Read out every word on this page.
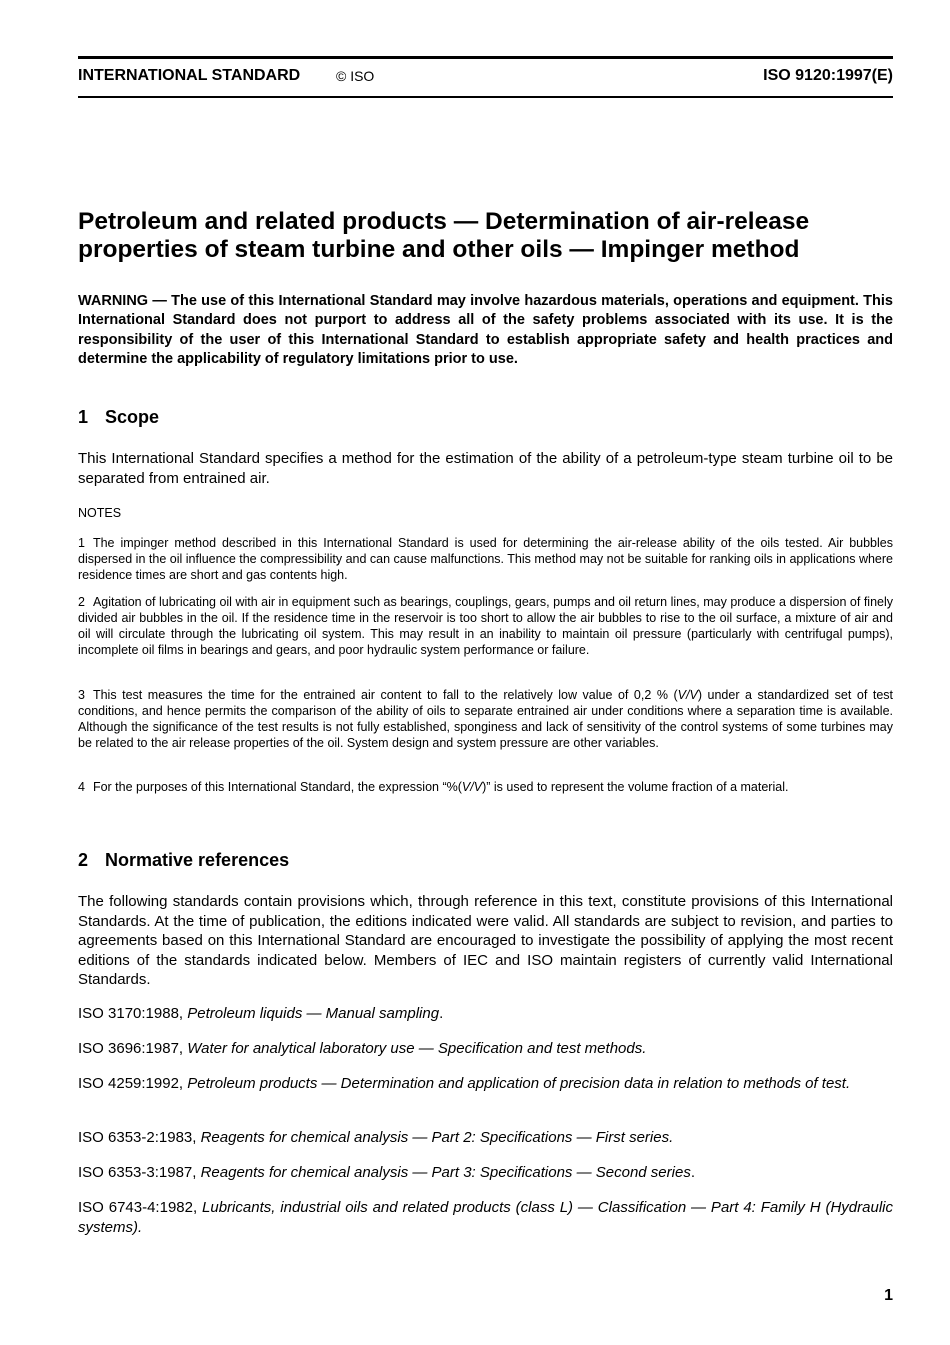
INTERNATIONAL STANDARD	© ISO	ISO 9120:1997(E)
Petroleum and related products — Determination of air-release
properties of steam turbine and other oils — Impinger method

WARNING — The use of this International Standard may involve hazardous materials, operations and equipment. This International Standard does not purport to address all of the safety problems associated with its use. It is the responsibility of the user of this International Standard to establish appropriate safety and health practices and determine the applicability of regulatory limitations prior to use.

1 Scope

This International Standard specifies a method for the estimation of the ability of a petroleum-type steam turbine oil to be separated from entrained air.

NOTES

1 The impinger method described in this International Standard is used for determining the air-release ability of the oils tested. Air bubbles dispersed in the oil influence the compressibility and can cause malfunctions. This method may not be suitable for ranking oils in applications where residence times are short and gas contents high.

2 Agitation of lubricating oil with air in equipment such as bearings, couplings, gears, pumps and oil return lines, may produce a dispersion of finely divided air bubbles in the oil. If the residence time in the reservoir is too short to allow the air bubbles to rise to the oil surface, a mixture of air and oil will circulate through the lubricating oil system. This may result in an inability to maintain oil pressure (particularly with centrifugal pumps), incomplete oil films in bearings and gears, and poor hydraulic system performance or failure.

3 This test measures the time for the entrained air content to fall to the relatively low value of 0,2 % (V/V) under a standardized set of test conditions, and hence permits the comparison of the ability of oils to separate entrained air under conditions where a separation time is available. Although the significance of the test results is not fully established, sponginess and lack of sensitivity of the control systems of some turbines may be related to the air release properties of the oil. System design and system pressure are other variables.

4 For the purposes of this International Standard, the expression “%(V/V)” is used to represent the volume fraction of a material.

2 Normative references

The following standards contain provisions which, through reference in this text, constitute provisions of this International Standards. At the time of publication, the editions indicated were valid. All standards are subject to revision, and parties to agreements based on this International Standard are encouraged to investigate the possibility of applying the most recent editions of the standards indicated below. Members of IEC and ISO maintain registers of currently valid International Standards.

ISO 3170:1988, Petroleum liquids — Manual sampling.

ISO 3696:1987, Water for analytical laboratory use — Specification and test methods.

ISO 4259:1992, Petroleum products — Determination and application of precision data in relation to methods of test.

ISO 6353-2:1983, Reagents for chemical analysis — Part 2: Specifications — First series.

ISO 6353-3:1987, Reagents for chemical analysis — Part 3: Specifications — Second series.

ISO 6743-4:1982, Lubricants, industrial oils and related products (class L) — Classification — Part 4: Family H (Hydraulic systems).

1
